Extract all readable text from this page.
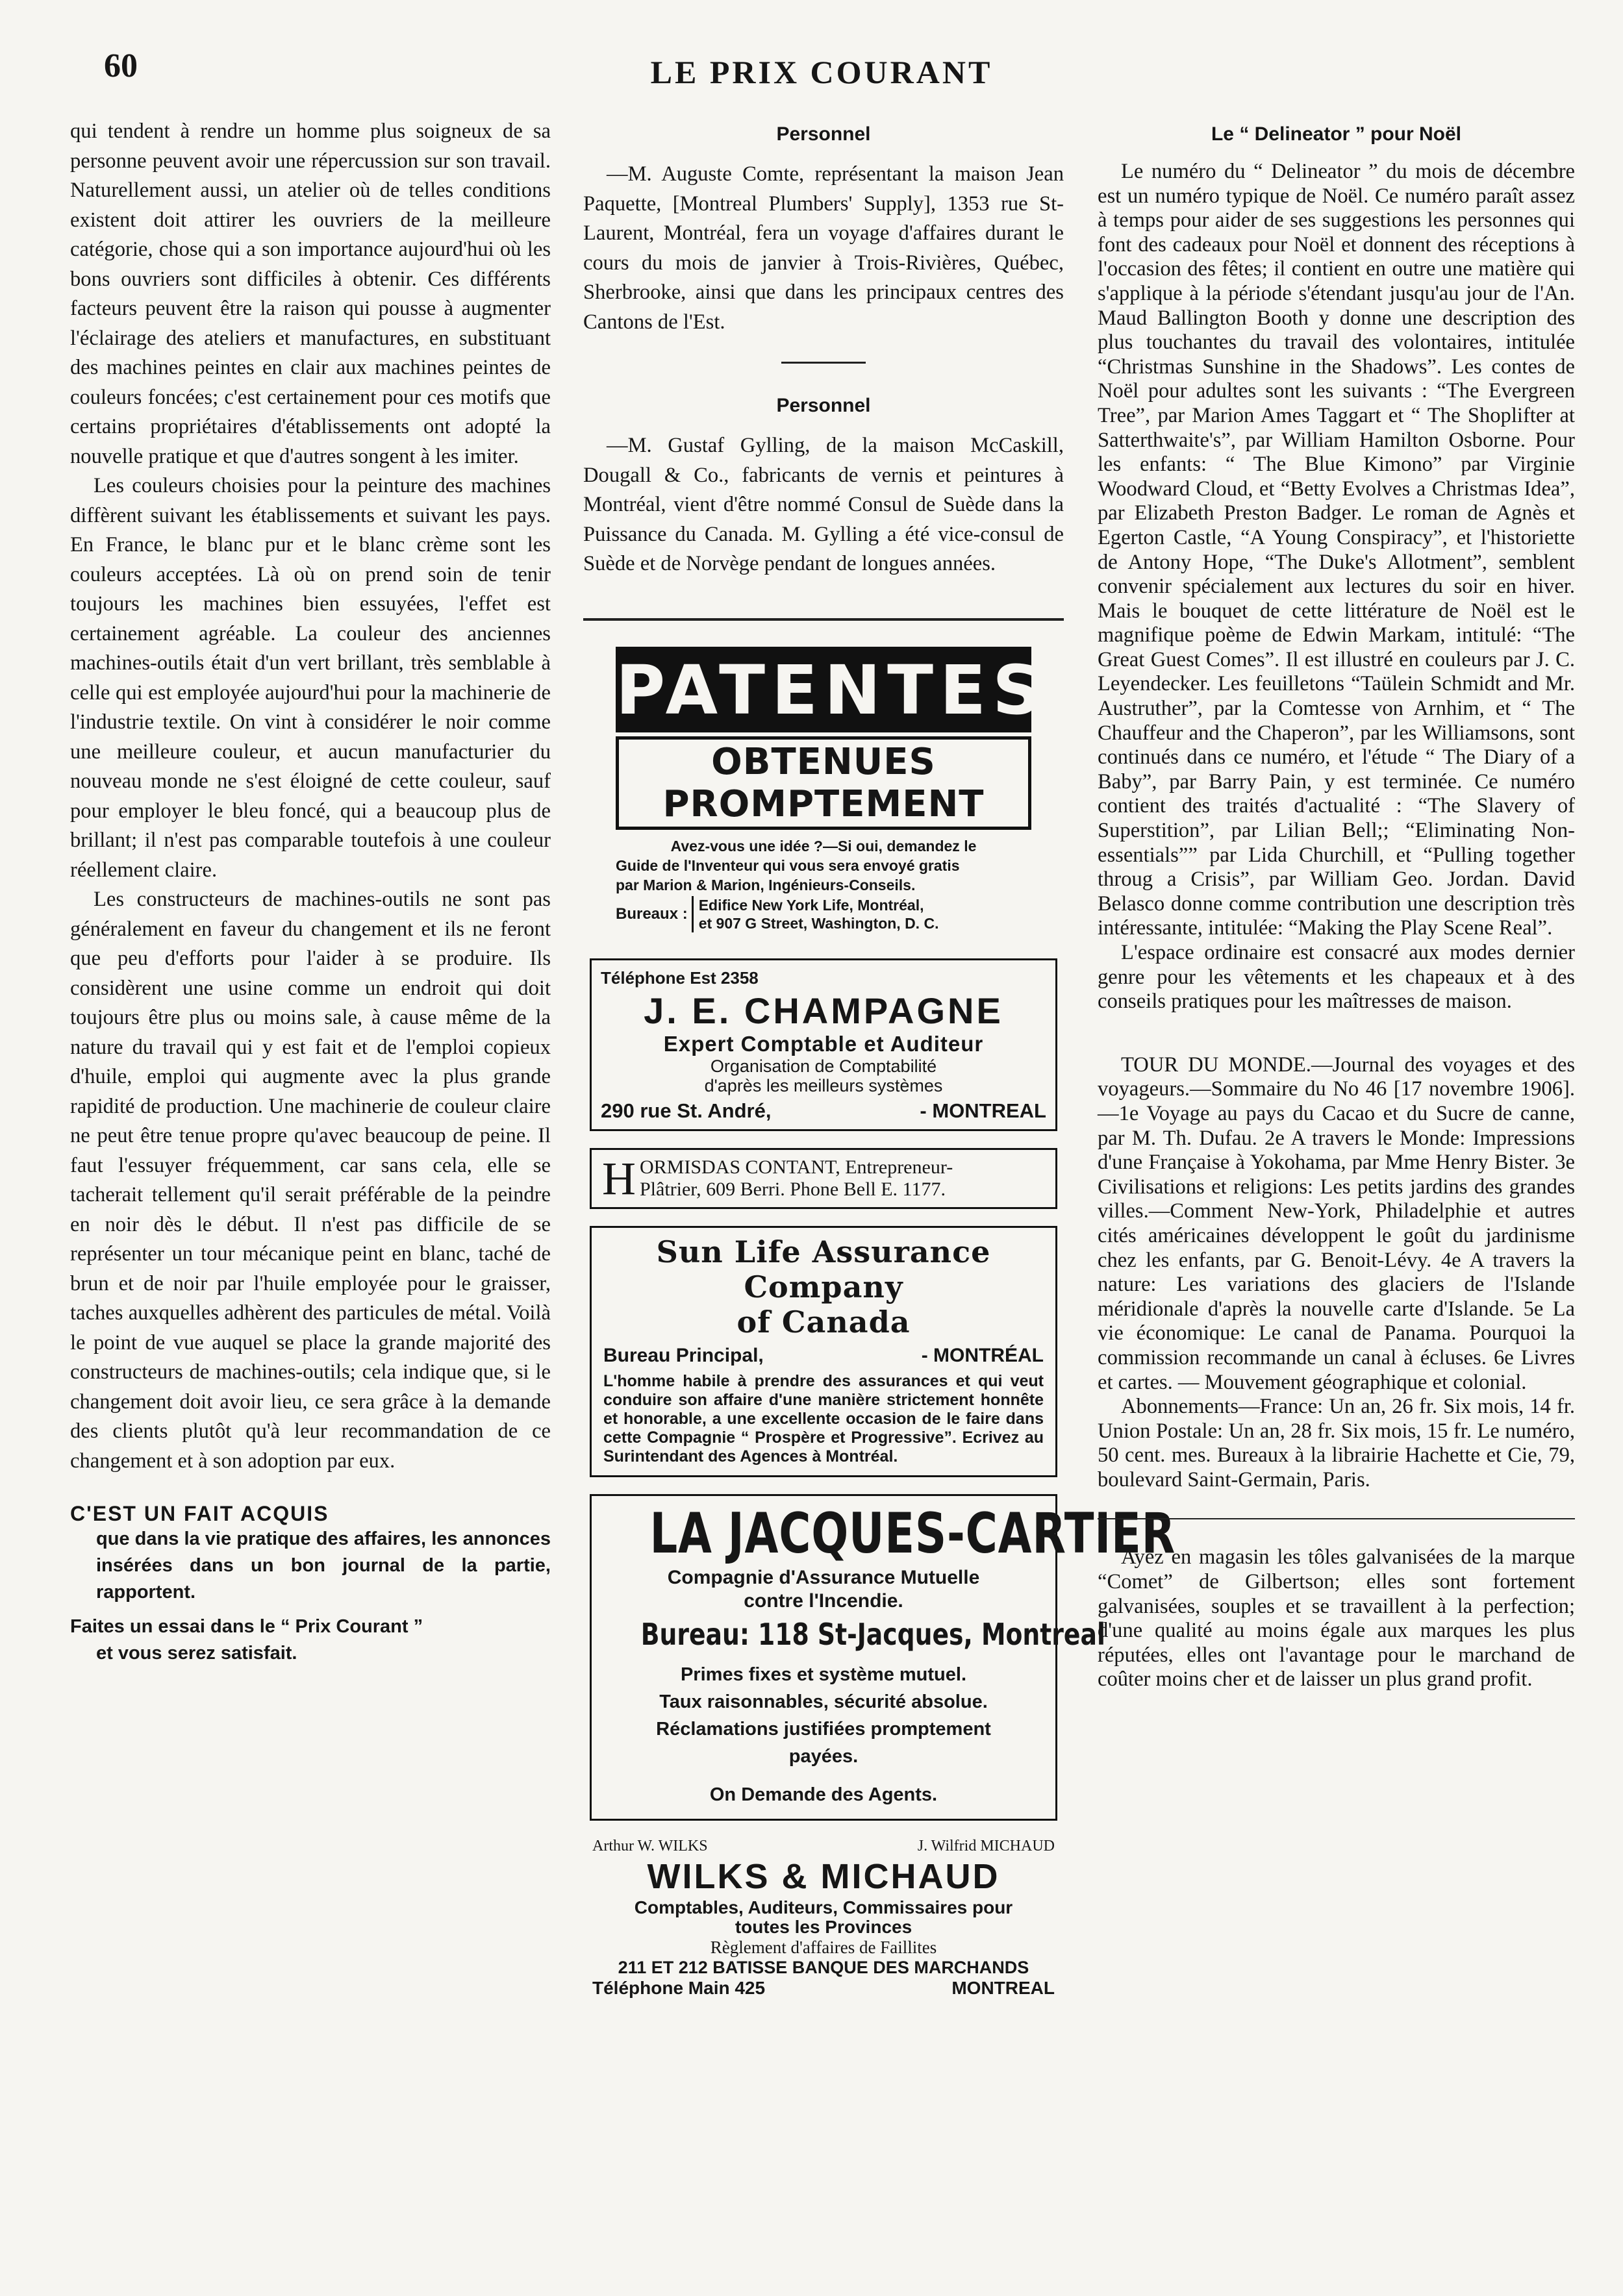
60	LE PRIX COURANT

qui tendent à rendre un homme plus soigneux de sa personne peuvent avoir une répercussion sur son travail. Naturellement aussi, un atelier où de telles conditions existent doit attirer les ouvriers de la meilleure catégorie, chose qui a son importance aujourd'hui où les bons ouvriers sont difficiles à obtenir. Ces différents facteurs peuvent être la raison qui pousse à augmenter l'éclairage des ateliers et manufactures, en substituant des machines peintes en clair aux machines peintes de couleurs foncées; c'est certainement pour ces motifs que certains propriétaires d'établissements ont adopté la nouvelle pratique et que d'autres songent à les imiter.

Les couleurs choisies pour la peinture des machines diffèrent suivant les établissements et suivant les pays. En France, le blanc pur et le blanc crème sont les couleurs acceptées. Là où on prend soin de tenir toujours les machines bien essuyées, l'effet est certainement agréable. La couleur des anciennes machines-outils était d'un vert brillant, très semblable à celle qui est employée aujourd'hui pour la machinerie de l'industrie textile. On vint à considérer le noir comme une meilleure couleur, et aucun manufacturier du nouveau monde ne s'est éloigné de cette couleur, sauf pour employer le bleu foncé, qui a beaucoup plus de brillant; il n'est pas comparable toutefois à une couleur réellement claire.

Les constructeurs de machines-outils ne sont pas généralement en faveur du changement et ils ne feront que peu d'efforts pour l'aider à se produire. Ils considèrent une usine comme un endroit qui doit toujours être plus ou moins sale, à cause même de la nature du travail qui y est fait et de l'emploi copieux d'huile, emploi qui augmente avec la plus grande rapidité de production. Une machinerie de couleur claire ne peut être tenue propre qu'avec beaucoup de peine. Il faut l'essuyer fréquemment, car sans cela, elle se tacherait tellement qu'il serait préférable de la peindre en noir dès le début. Il n'est pas difficile de se représenter un tour mécanique peint en blanc, taché de brun et de noir par l'huile employée pour le graisser, taches auxquelles adhèrent des particules de métal. Voilà le point de vue auquel se place la grande majorité des constructeurs de machines-outils; cela indique que, si le changement doit avoir lieu, ce sera grâce à la demande des clients plutôt qu'à leur recommandation de ce changement et à son adoption par eux.

C'EST UN FAIT ACQUIS

que dans la vie pratique des affaires, les annonces insérées dans un bon journal de la partie, rapportent.

Faites un essai dans le “ Prix Courant ”
et vous serez satisfait.

Personnel

—M. Auguste Comte, représentant la maison Jean Paquette, [Montreal Plumbers' Supply], 1353 rue St-Laurent, Montréal, fera un voyage d'affaires durant le cours du mois de janvier à Trois-Rivières, Québec, Sherbrooke, ainsi que dans les principaux centres des Cantons de l'Est.

Personnel

—M. Gustaf Gylling, de la maison McCaskill, Dougall & Co., fabricants de vernis et peintures à Montréal, vient d'être nommé Consul de Suède dans la Puissance du Canada. M. Gylling a été vice-consul de Suède et de Norvège pendant de longues années.

PATENTES
OBTENUES PROMPTEMENT
Avez-vous une idée ?—Si oui, demandez le
Guide de l'Inventeur qui vous sera envoyé gratis
par Marion & Marion, Ingénieurs-Conseils.
Bureaux : Edifice New York Life, Montréal,
et 907 G Street, Washington, D. C.
Téléphone Est 2358
J. E. CHAMPAGNE
Expert Comptable et Auditeur
Organisation de Comptabilité
d'après les meilleurs systèmes
290 rue St. André,	- MONTREAL
H ORMISDAS CONTANT, Entrepreneur-
Plâtrier, 609 Berri. Phone Bell E. 1177.
Sun Life Assurance Company
of Canada
Bureau Principal,	- MONTRÉAL
L'homme habile à prendre des assurances et qui veut conduire son affaire d'une manière strictement honnête et honorable, a une excellente occasion de le faire dans cette Compagnie “ Prospère et Progressive”. Ecrivez au Surintendant des Agences à Montréal.
LA JACQUES-CARTIER
Compagnie d'Assurance Mutuelle
contre l'Incendie.
Bureau: 118 St-Jacques, Montreal
Primes fixes et système mutuel.
Taux raisonnables, sécurité absolue.
Réclamations justifiées promptement
payées.
On Demande des Agents.
Arthur W. WILKS	J. Wilfrid MICHAUD
WILKS & MICHAUD
Comptables, Auditeurs, Commissaires pour
toutes les Provinces
Règlement d'affaires de Faillites
211 ET 212 BATISSE BANQUE DES MARCHANDS
Téléphone Main 425	MONTREAL
Le “ Delineator ” pour Noël

Le numéro du “ Delineator ” du mois de décembre est un numéro typique de Noël. Ce numéro paraît assez à temps pour aider de ses suggestions les personnes qui font des cadeaux pour Noël et donnent des réceptions à l'occasion des fêtes; il contient en outre une matière qui s'applique à la période s'étendant jusqu'au jour de l'An. Maud Ballington Booth y donne une description des plus touchantes du travail des volontaires, intitulée “Christmas Sunshine in the Shadows”. Les contes de Noël pour adultes sont les suivants : “The Evergreen Tree”, par Marion Ames Taggart et “ The Shoplifter at Satterthwaite's”, par William Hamilton Osborne. Pour les enfants: “ The Blue Kimono” par Virginie Woodward Cloud, et “Betty Evolves a Christmas Idea”, par Elizabeth Preston Badger. Le roman de Agnès et Egerton Castle, “A Young Conspiracy”, et l'historiette de Antony Hope, “The Duke's Allotment”, semblent convenir spécialement aux lectures du soir en hiver. Mais le bouquet de cette littérature de Noël est le magnifique poème de Edwin Markam, intitulé: “The Great Guest Comes”. Il est illustré en couleurs par J. C. Leyendecker. Les feuilletons “Taülein Schmidt and Mr. Austruther”, par la Comtesse von Arnhim, et “ The Chauffeur and the Chaperon”, par les Williamsons, sont continués dans ce numéro, et l'étude “ The Diary of a Baby”, par Barry Pain, y est terminée. Ce numéro contient des traités d'actualité : “The Slavery of Superstition”, par Lilian Bell;; “Eliminating Non-essentials”” par Lida Churchill, et “Pulling together throug a Crisis”, par William Geo. Jordan. David Belasco donne comme contribution une description très intéressante, intitulée: “Making the Play Scene Real”.

L'espace ordinaire est consacré aux modes dernier genre pour les vêtements et les chapeaux et à des conseils pratiques pour les maîtresses de maison.

TOUR DU MONDE.—Journal des voyages et des voyageurs.—Sommaire du No 46 [17 novembre 1906].—1e Voyage au pays du Cacao et du Sucre de canne, par M. Th. Dufau. 2e A travers le Monde: Impressions d'une Française à Yokohama, par Mme Henry Bister. 3e Civilisations et religions: Les petits jardins des grandes villes.—Comment New-York, Philadelphie et autres cités américaines développent le goût du jardinisme chez les enfants, par G. Benoit-Lévy. 4e A travers la nature: Les variations des glaciers de l'Islande méridionale d'après la nouvelle carte d'Islande. 5e La vie économique: Le canal de Panama. Pourquoi la commission recommande un canal à écluses. 6e Livres et cartes. — Mouvement géographique et colonial.

Abonnements—France: Un an, 26 fr. Six mois, 14 fr. Union Postale: Un an, 28 fr. Six mois, 15 fr. Le numéro, 50 cent. mes. Bureaux à la librairie Hachette et Cie, 79, boulevard Saint-Germain, Paris.

Ayez en magasin les tôles galvanisées de la marque “Comet” de Gilbertson; elles sont fortement galvanisées, souples et se travaillent à la perfection; d'une qualité au moins égale aux marques les plus réputées, elles ont l'avantage pour le marchand de coûter moins cher et de laisser un plus grand profit.
